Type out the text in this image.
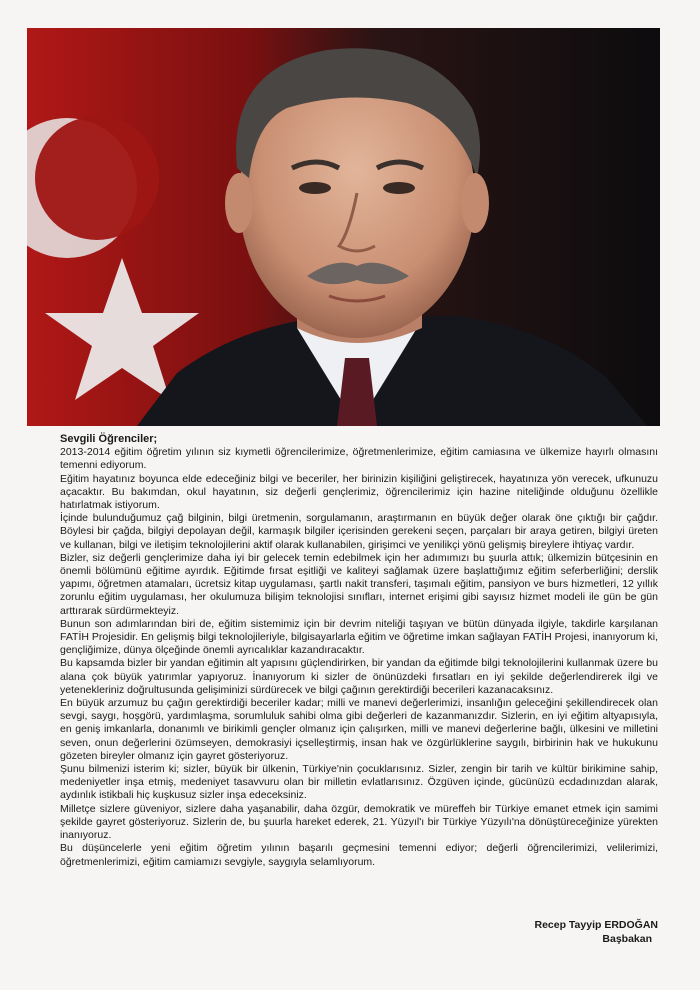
Sevgili Öğrenciler;

2013-2014 eğitim öğretim yılının siz kıymetli öğrencilerimize, öğretmenlerimize, eğitim camiasına ve ülkemize hayırlı olmasını temenni ediyorum.

Eğitim hayatınız boyunca elde edeceğiniz bilgi ve beceriler, her birinizin kişiliğini geliştirecek, hayatınıza yön verecek, ufkunuzu açacaktır. Bu bakımdan, okul hayatının, siz değerli gençlerimiz, öğrencilerimiz için hazine niteliğinde olduğunu özellikle hatırlatmak istiyorum.

İçinde bulunduğumuz çağ bilginin, bilgi üretmenin, sorgulamanın, araştırmanın en büyük değer olarak öne çıktığı bir çağdır. Böylesi bir çağda, bilgiyi depolayan değil, karmaşık bilgiler içerisinden gerekeni seçen, parçaları bir araya getiren, bilgiyi üreten ve kullanan, bilgi ve iletişim teknolojilerini aktif olarak kullanabilen, girişimci ve yenilikçi yönü gelişmiş bireylere ihtiyaç vardır.

Bizler, siz değerli gençlerimize daha iyi bir gelecek temin edebilmek için her adımımızı bu şuurla attık; ülkemizin bütçesinin en önemli bölümünü eğitime ayırdık. Eğitimde fırsat eşitliği ve kaliteyi sağlamak üzere başlattığımız eğitim seferberliğini; derslik yapımı, öğretmen atamaları, ücretsiz kitap uygulaması, şartlı nakit transferi, taşımalı eğitim, pansiyon ve burs hizmetleri, 12 yıllık zorunlu eğitim uygulaması, her okulumuza bilişim teknolojisi sınıfları, internet erişimi gibi sayısız hizmet modeli ile gün be gün arttırarak sürdürmekteyiz.

Bunun son adımlarından biri de, eğitim sistemimiz için bir devrim niteliği taşıyan ve bütün dünyada ilgiyle, takdirle karşılanan FATİH Projesidir. En gelişmiş bilgi teknolojileriyle, bilgisayarlarla eğitim ve öğretime imkan sağlayan FATİH Projesi, inanıyorum ki, gençliğimize, dünya ölçeğinde önemli ayrıcalıklar kazandıracaktır.

Bu kapsamda bizler bir yandan eğitimin alt yapısını güçlendirirken, bir yandan da eğitimde bilgi teknolojilerini kullanmak üzere bu alana çok büyük yatırımlar yapıyoruz. İnanıyorum ki sizler de önünüzdeki fırsatları en iyi şekilde değerlendirerek ilgi ve yetenekleriniz doğrultusunda gelişiminizi sürdürecek ve bilgi çağının gerektirdiği becerileri kazanacaksınız.

En büyük arzumuz bu çağın gerektirdiği beceriler kadar; milli ve manevi değerlerimizi, insanlığın geleceğini şekillendirecek olan sevgi, saygı, hoşgörü, yardımlaşma, sorumluluk sahibi olma gibi değerleri de kazanmanızdır. Sizlerin, en iyi eğitim altyapısıyla, en geniş imkanlarla, donanımlı ve birikimli gençler olmanız için çalışırken, milli ve manevi değerlerine bağlı, ülkesini ve milletini seven, onun değerlerini özümseyen, demokrasiyi içselleştirmiş, insan hak ve özgürlüklerine saygılı, birbirinin hak ve hukukunu gözeten bireyler olmanız için gayret gösteriyoruz.

Şunu bilmenizi isterim ki; sizler, büyük bir ülkenin, Türkiye'nin çocuklarısınız. Sizler, zengin bir tarih ve kültür birikimine sahip, medeniyetler inşa etmiş, medeniyet tasavvuru olan bir milletin evlatlarısınız. Özgüven içinde, gücünüzü ecdadınızdan alarak, aydınlık istikbali hiç kuşkusuz sizler inşa edeceksiniz.

Milletçe sizlere güveniyor, sizlere daha yaşanabilir, daha özgür, demokratik ve müreffeh bir Türkiye emanet etmek için samimi şekilde gayret gösteriyoruz. Sizlerin de, bu şuurla hareket ederek, 21. Yüzyıl'ı bir Türkiye Yüzyılı'na dönüştüreceğinize yürekten inanıyoruz.

Bu düşüncelerle yeni eğitim öğretim yılının başarılı geçmesini temenni ediyor; değerli öğrencilerimizi, velilerimizi, öğretmenlerimizi, eğitim camiamızı sevgiyle, saygıyla selamlıyorum.

Recep Tayyip ERDOĞAN
Başbakan
